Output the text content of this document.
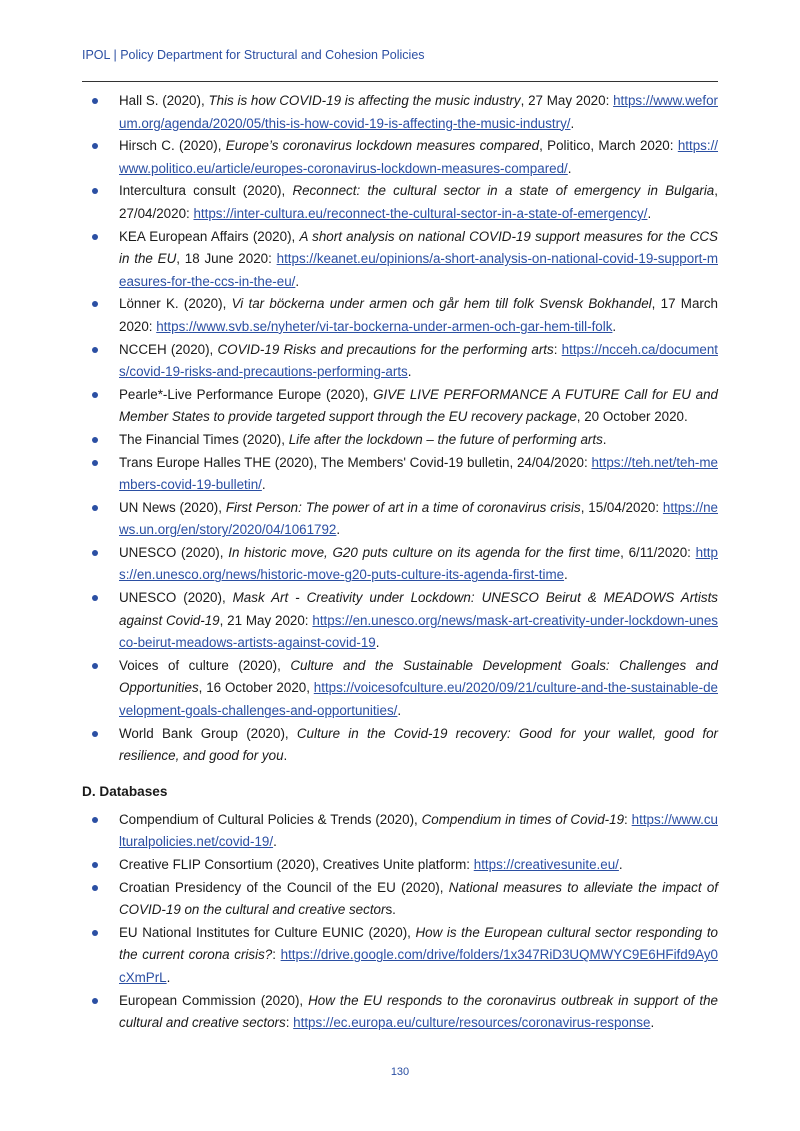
IPOL | Policy Department for Structural and Cohesion Policies
Hall S. (2020), This is how COVID-19 is affecting the music industry, 27 May 2020: https://www.weforum.org/agenda/2020/05/this-is-how-covid-19-is-affecting-the-music-industry/.
Hirsch C. (2020), Europe’s coronavirus lockdown measures compared, Politico, March 2020: https://www.politico.eu/article/europes-coronavirus-lockdown-measures-compared/.
Intercultura consult (2020), Reconnect: the cultural sector in a state of emergency in Bulgaria, 27/04/2020: https://inter-cultura.eu/reconnect-the-cultural-sector-in-a-state-of-emergency/.
KEA European Affairs (2020), A short analysis on national COVID-19 support measures for the CCS in the EU, 18 June 2020: https://keanet.eu/opinions/a-short-analysis-on-national-covid-19-support-measures-for-the-ccs-in-the-eu/.
Lönner K. (2020), Vi tar böckerna under armen och går hem till folk Svensk Bokhandel, 17 March 2020: https://www.svb.se/nyheter/vi-tar-bockerna-under-armen-och-gar-hem-till-folk.
NCCEH (2020), COVID-19 Risks and precautions for the performing arts: https://ncceh.ca/documents/covid-19-risks-and-precautions-performing-arts.
Pearle*-Live Performance Europe (2020), GIVE LIVE PERFORMANCE A FUTURE Call for EU and Member States to provide targeted support through the EU recovery package, 20 October 2020.
The Financial Times (2020), Life after the lockdown – the future of performing arts.
Trans Europe Halles THE (2020), The Members' Covid-19 bulletin, 24/04/2020: https://teh.net/teh-members-covid-19-bulletin/.
UN News (2020), First Person: The power of art in a time of coronavirus crisis, 15/04/2020: https://news.un.org/en/story/2020/04/1061792.
UNESCO (2020), In historic move, G20 puts culture on its agenda for the first time, 6/11/2020: https://en.unesco.org/news/historic-move-g20-puts-culture-its-agenda-first-time.
UNESCO (2020), Mask Art - Creativity under Lockdown: UNESCO Beirut & MEADOWS Artists against Covid-19, 21 May 2020: https://en.unesco.org/news/mask-art-creativity-under-lockdown-unesco-beirut-meadows-artists-against-covid-19.
Voices of culture (2020), Culture and the Sustainable Development Goals: Challenges and Opportunities, 16 October 2020, https://voicesofculture.eu/2020/09/21/culture-and-the-sustainable-development-goals-challenges-and-opportunities/.
World Bank Group (2020), Culture in the Covid-19 recovery: Good for your wallet, good for resilience, and good for you.
D. Databases
Compendium of Cultural Policies & Trends (2020), Compendium in times of Covid-19: https://www.culturalpolicies.net/covid-19/.
Creative FLIP Consortium (2020), Creatives Unite platform: https://creativesunite.eu/.
Croatian Presidency of the Council of the EU (2020), National measures to alleviate the impact of COVID-19 on the cultural and creative sectors.
EU National Institutes for Culture EUNIC (2020), How is the European cultural sector responding to the current corona crisis?: https://drive.google.com/drive/folders/1x347RiD3UQMWYC9E6HFifd9Ay0cXmPrL.
European Commission (2020), How the EU responds to the coronavirus outbreak in support of the cultural and creative sectors: https://ec.europa.eu/culture/resources/coronavirus-response.
130
